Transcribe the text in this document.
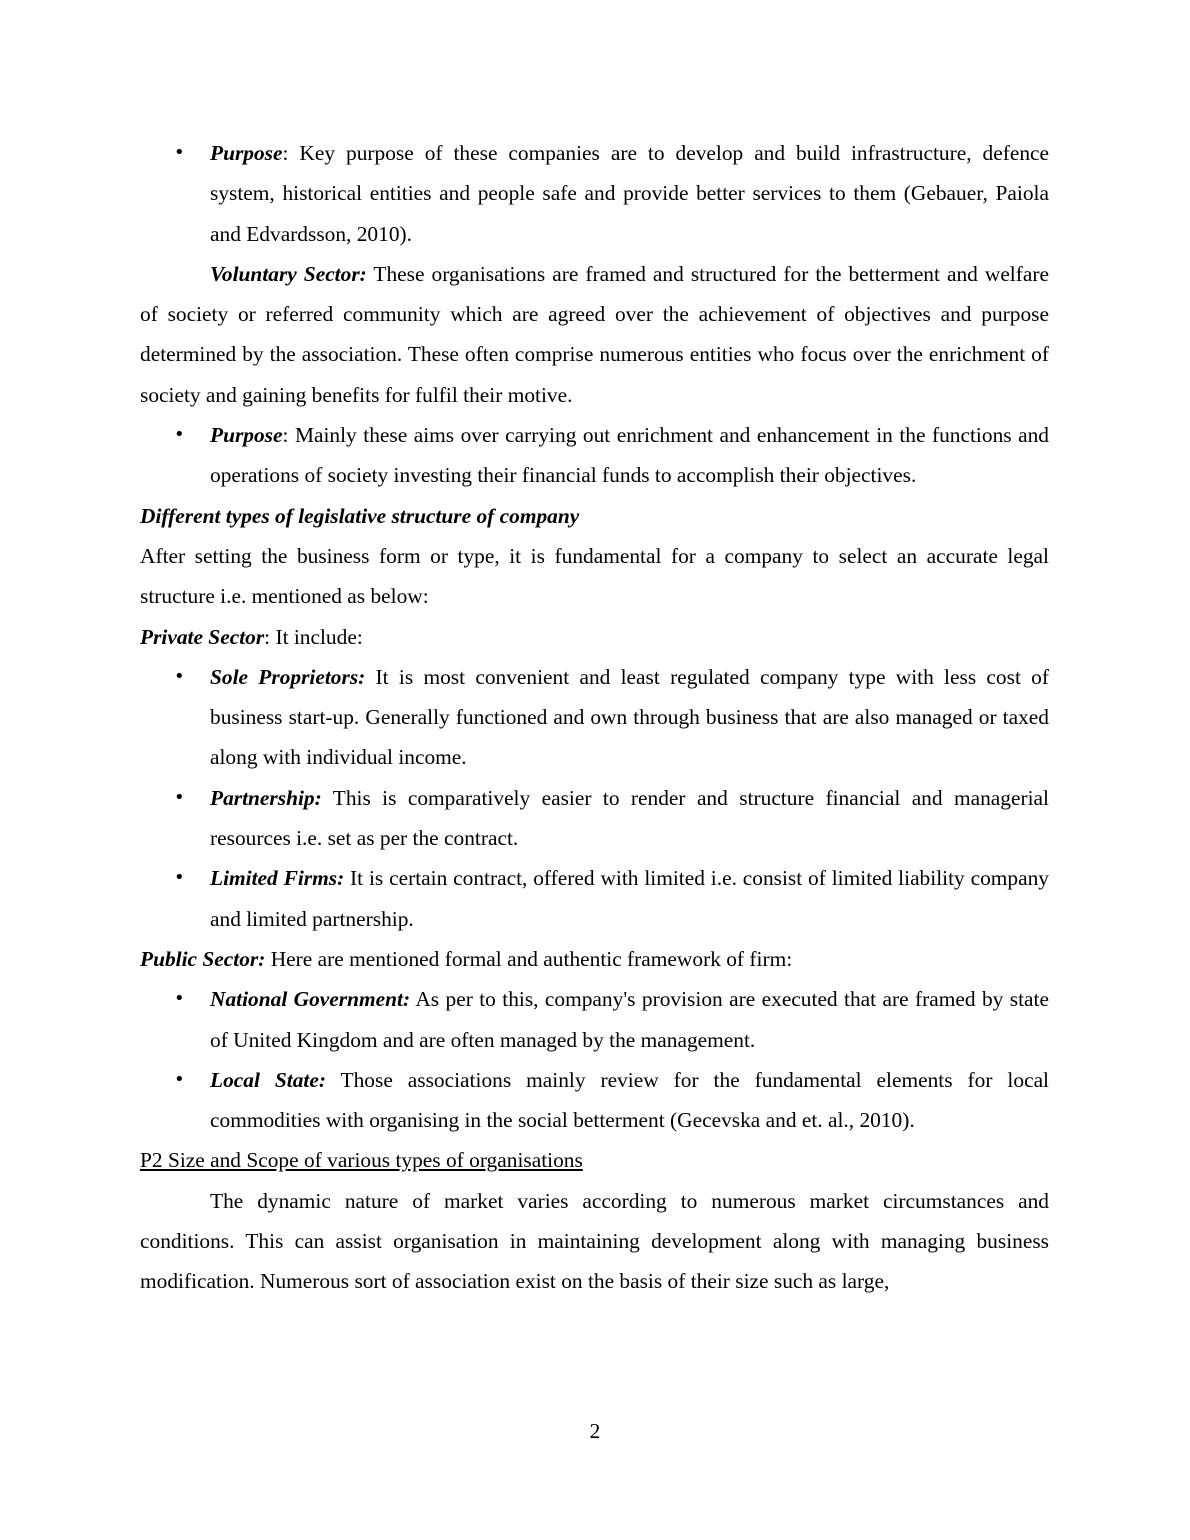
• Purpose: Key purpose of these companies are to develop and build infrastructure, defence system, historical entities and people safe and provide better services to them (Gebauer, Paiola and Edvardsson, 2010).

Voluntary Sector: These organisations are framed and structured for the betterment and welfare of society or referred community which are agreed over the achievement of objectives and purpose determined by the association. These often comprise numerous entities who focus over the enrichment of society and gaining benefits for fulfil their motive.

• Purpose: Mainly these aims over carrying out enrichment and enhancement in the functions and operations of society investing their financial funds to accomplish their objectives.

Different types of legislative structure of company

After setting the business form or type, it is fundamental for a company to select an accurate legal structure i.e. mentioned as below:

Private Sector: It include:

• Sole Proprietors: It is most convenient and least regulated company type with less cost of business start-up. Generally functioned and own through business that are also managed or taxed along with individual income.
• Partnership: This is comparatively easier to render and structure financial and managerial resources i.e. set as per the contract.
• Limited Firms: It is certain contract, offered with limited i.e. consist of limited liability company and limited partnership.

Public Sector: Here are mentioned formal and authentic framework of firm:

• National Government: As per to this, company's provision are executed that are framed by state of United Kingdom and are often managed by the management.
• Local State: Those associations mainly review for the fundamental elements for local commodities with organising in the social betterment (Gecevska and et. al., 2010).

P2 Size and Scope of various types of organisations

The dynamic nature of market varies according to numerous market circumstances and conditions. This can assist organisation in maintaining development along with managing business modification. Numerous sort of association exist on the basis of their size such as large,

2
